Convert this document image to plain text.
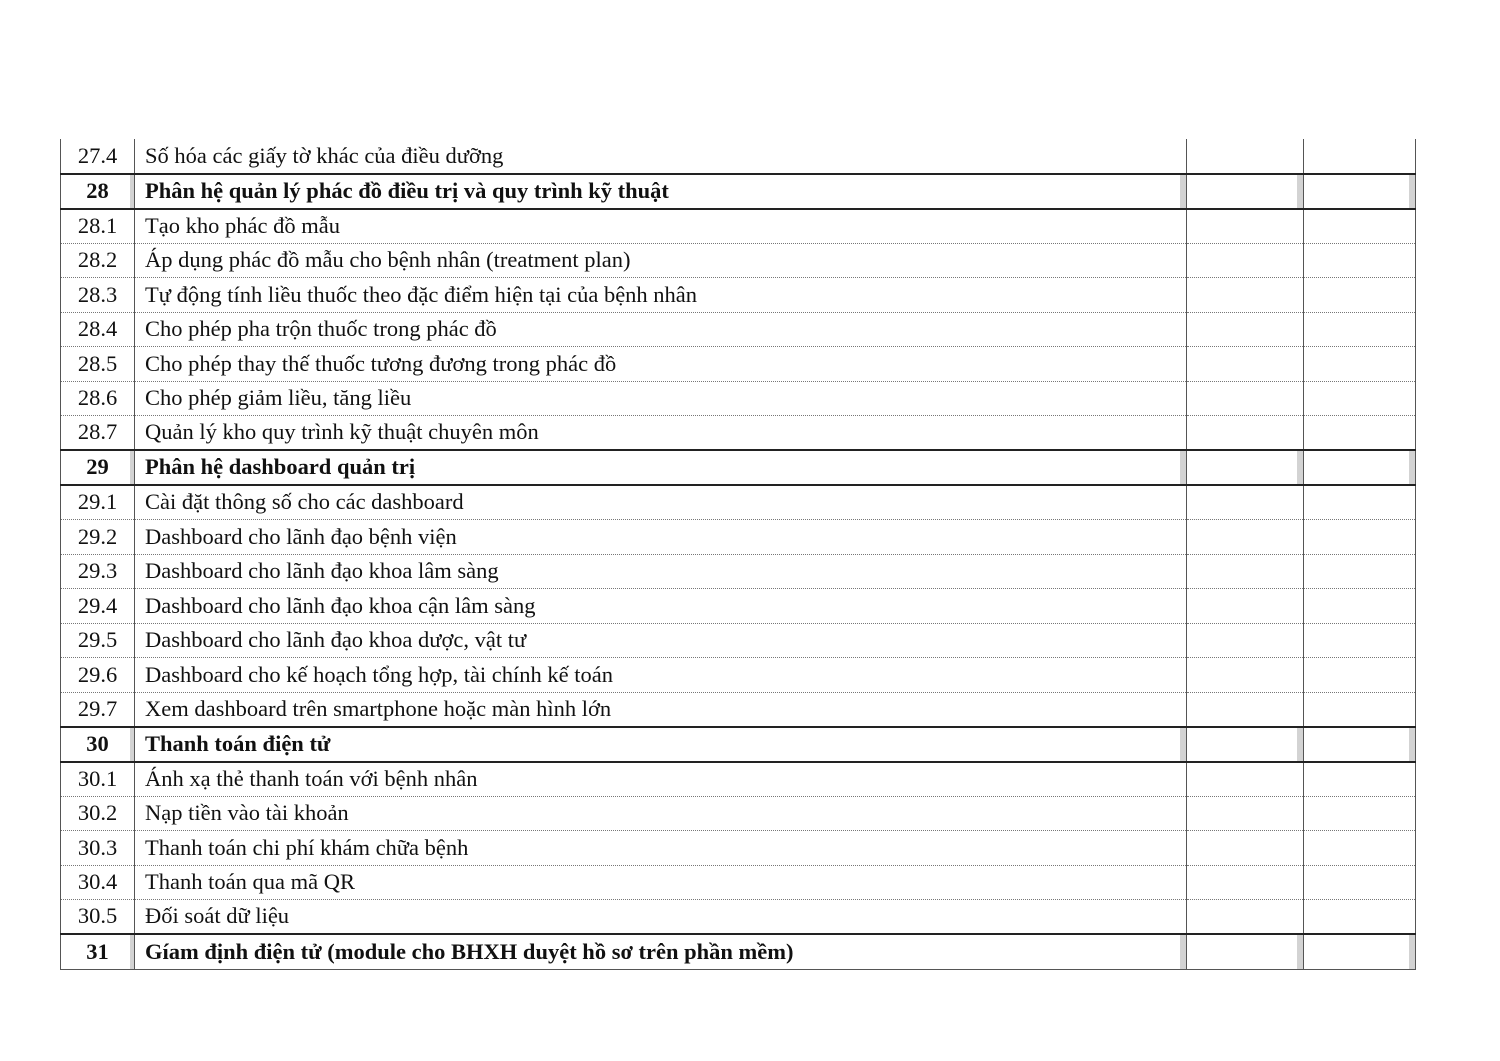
27.4	Số hóa các giấy tờ khác của điều dưỡng		
28	Phân hệ quản lý phác đồ điều trị và quy trình kỹ thuật		
28.1	Tạo kho phác đồ mẫu		
28.2	Áp dụng phác đồ mẫu cho bệnh nhân (treatment plan)		
28.3	Tự động tính liều thuốc theo đặc điểm hiện tại của bệnh nhân		
28.4	Cho phép pha trộn thuốc trong phác đồ		
28.5	Cho phép thay thế thuốc tương đương trong phác đồ		
28.6	Cho phép giảm liều, tăng liều		
28.7	Quản lý kho quy trình kỹ thuật chuyên môn		
29	Phân hệ dashboard quản trị		
29.1	Cài đặt thông số cho các dashboard		
29.2	Dashboard cho lãnh đạo bệnh viện		
29.3	Dashboard cho lãnh đạo khoa lâm sàng		
29.4	Dashboard cho lãnh đạo khoa cận lâm sàng		
29.5	Dashboard cho lãnh đạo khoa dược, vật tư		
29.6	Dashboard cho kế hoạch tổng hợp, tài chính kế toán		
29.7	Xem dashboard trên smartphone hoặc màn hình lớn		
30	Thanh toán điện tử		
30.1	Ánh xạ thẻ thanh toán với bệnh nhân		
30.2	Nạp tiền vào tài khoản		
30.3	Thanh toán chi phí khám chữa bệnh		
30.4	Thanh toán qua mã QR		
30.5	Đối soát dữ liệu		
31	Gíam định điện tử (module cho BHXH duyệt hồ sơ trên phần mềm)		
